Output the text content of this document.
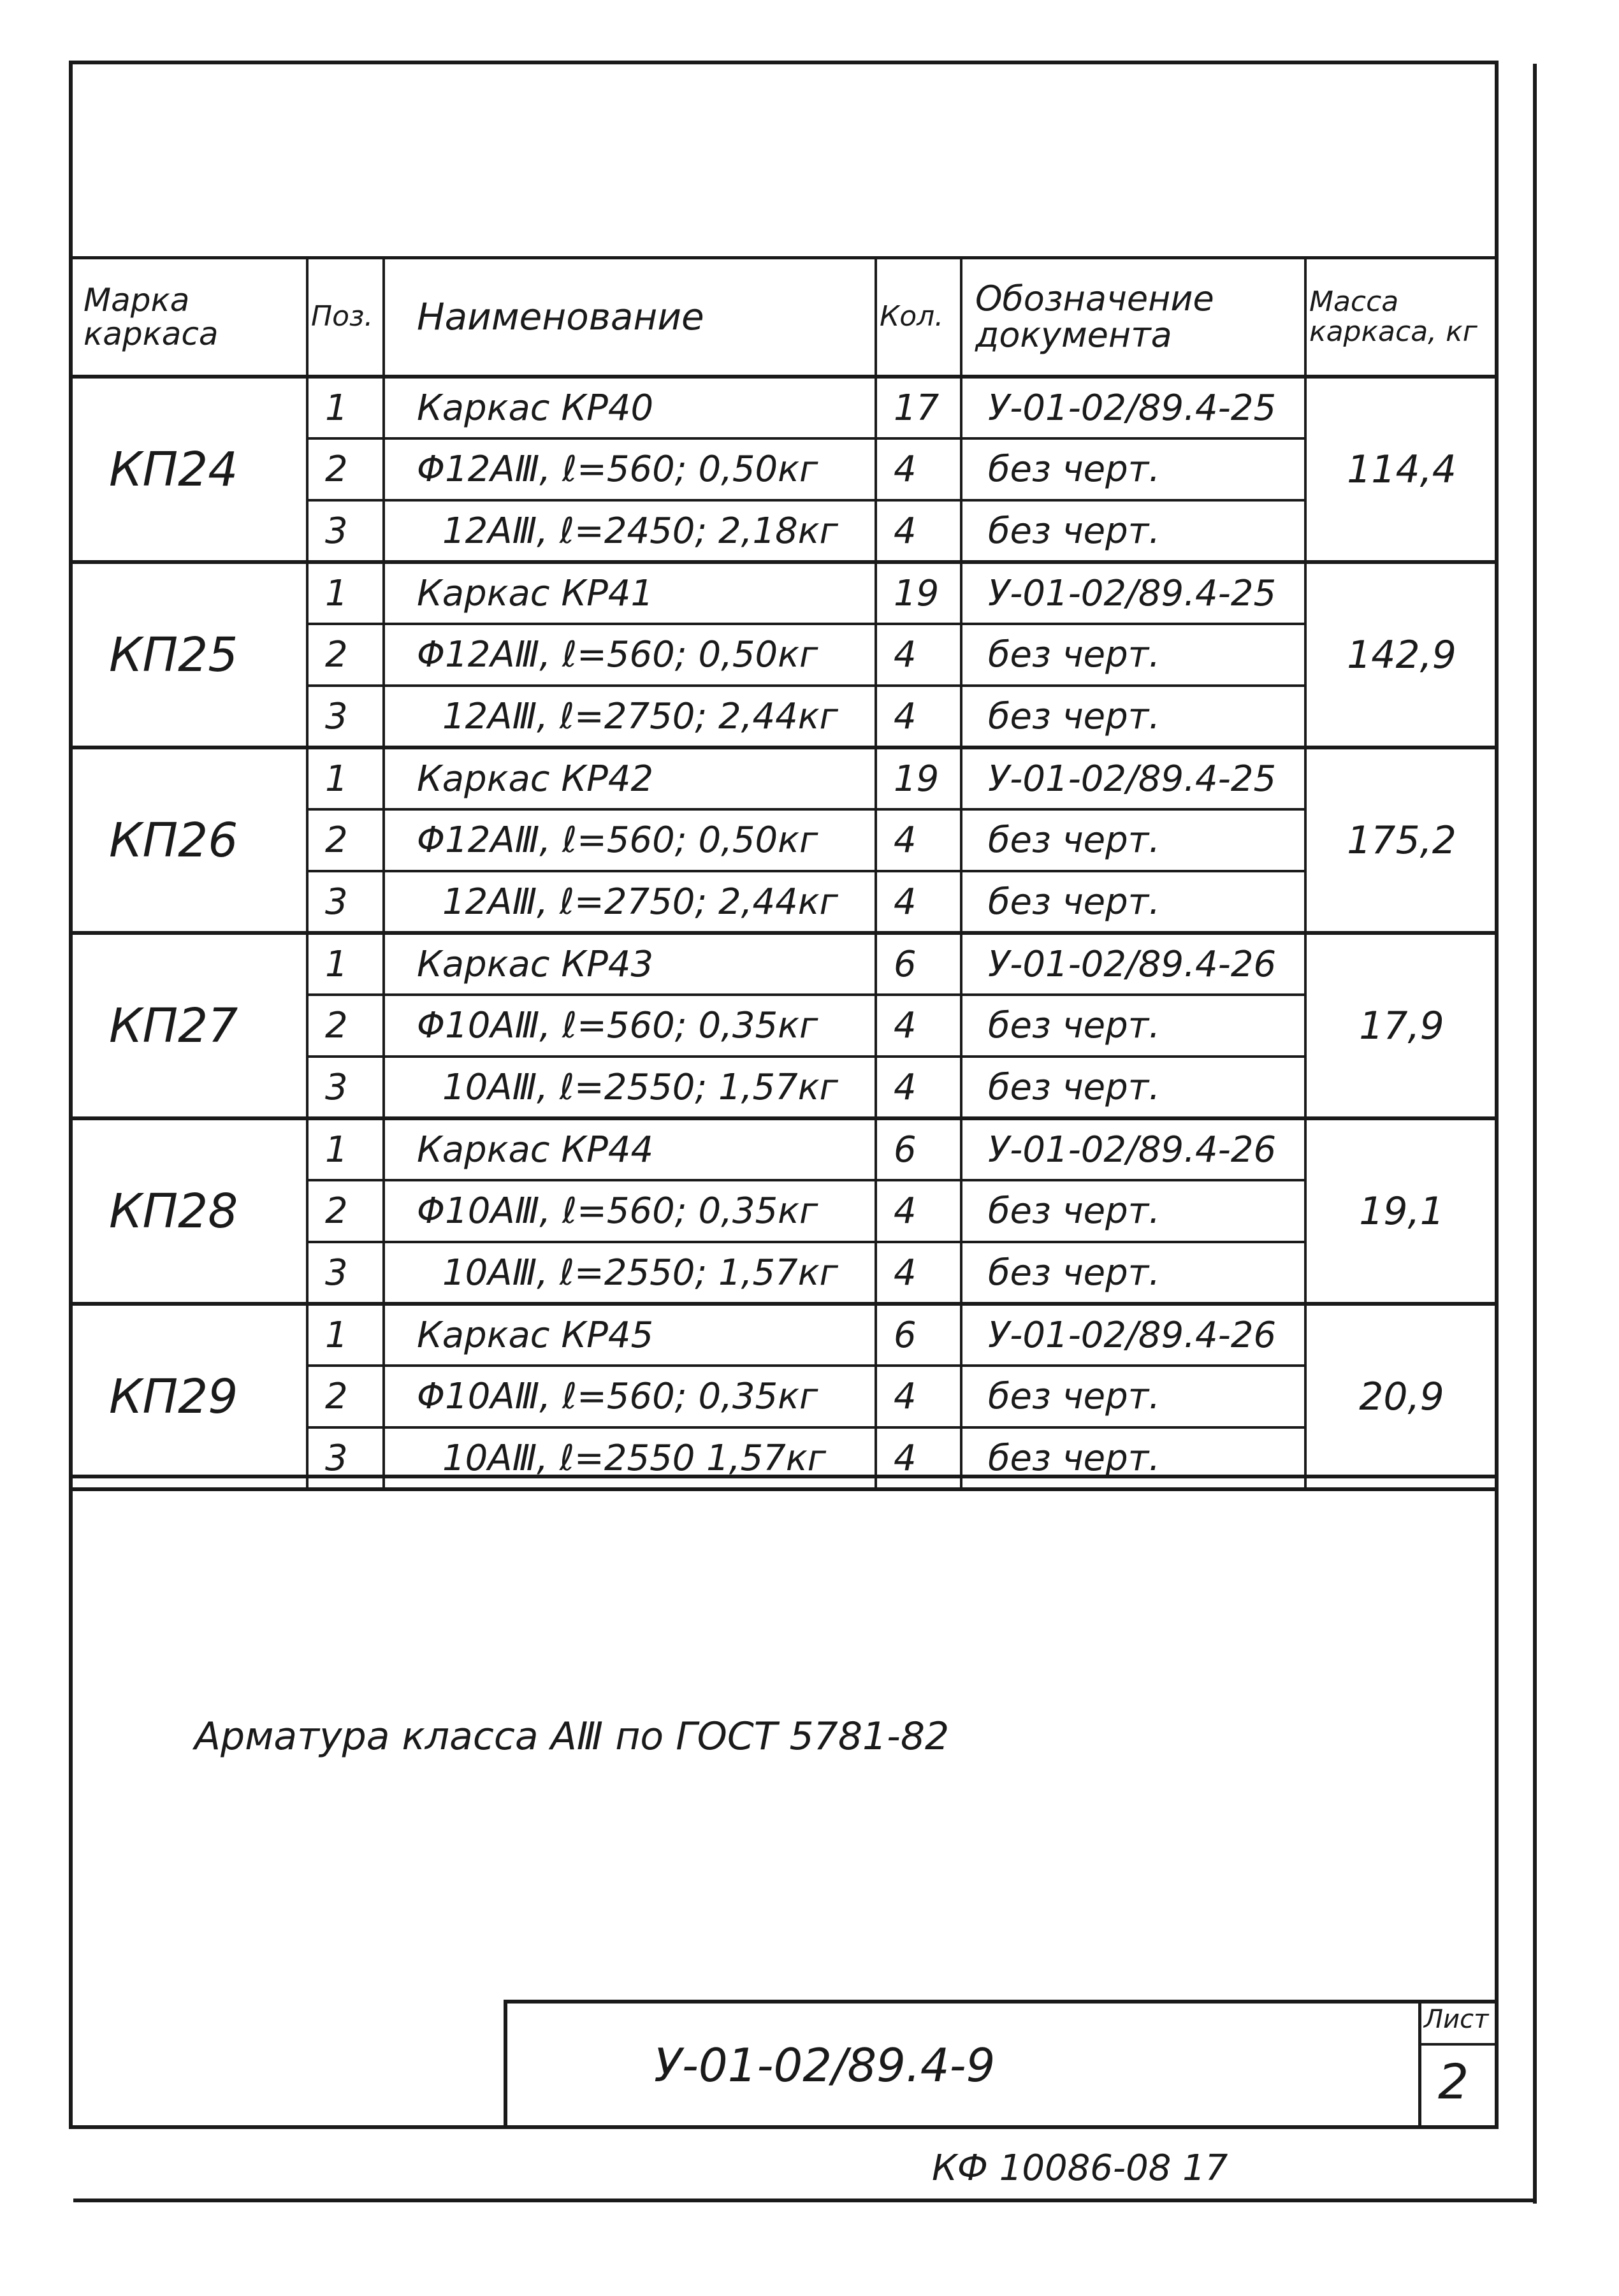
Марка каркаса	Поз.	Наименование	Кол.	Обозначение документа	Масса каркаса, кг
КП24	1	Каркас КР40	17	У-01-02/89.4-25	114,4
	2	Φ12AⅢ, ℓ=560; 0,50кг	4	без черт.	
	3	12AⅢ, ℓ=2450; 2,18кг	4	без черт.	
КП25	1	Каркас КР41	19	У-01-02/89.4-25	142,9
	2	Φ12AⅢ, ℓ=560; 0,50кг	4	без черт.	
	3	12AⅢ, ℓ=2750; 2,44кг	4	без черт.	
КП26	1	Каркас КР42	19	У-01-02/89.4-25	175,2
	2	Φ12AⅢ, ℓ=560; 0,50кг	4	без черт.	
	3	12AⅢ, ℓ=2750; 2,44кг	4	без черт.	
КП27	1	Каркас КР43	6	У-01-02/89.4-26	17,9
	2	Φ10AⅢ, ℓ=560; 0,35кг	4	без черт.	
	3	10AⅢ, ℓ=2550; 1,57кг	4	без черт.	
КП28	1	Каркас КР44	6	У-01-02/89.4-26	19,1
	2	Φ10AⅢ, ℓ=560; 0,35кг	4	без черт.	
	3	10AⅢ, ℓ=2550; 1,57кг	4	без черт.	
КП29	1	Каркас КР45	6	У-01-02/89.4-26	20,9
	2	Φ10AⅢ, ℓ=560; 0,35кг	4	без черт.	
	3	10AⅢ, ℓ=2550 1,57кг	4	без черт.	
Арматура класса AⅢ по ГОСТ 5781-82
У-01-02/89.4-9
Лист
2
КФ 10086-08 17
